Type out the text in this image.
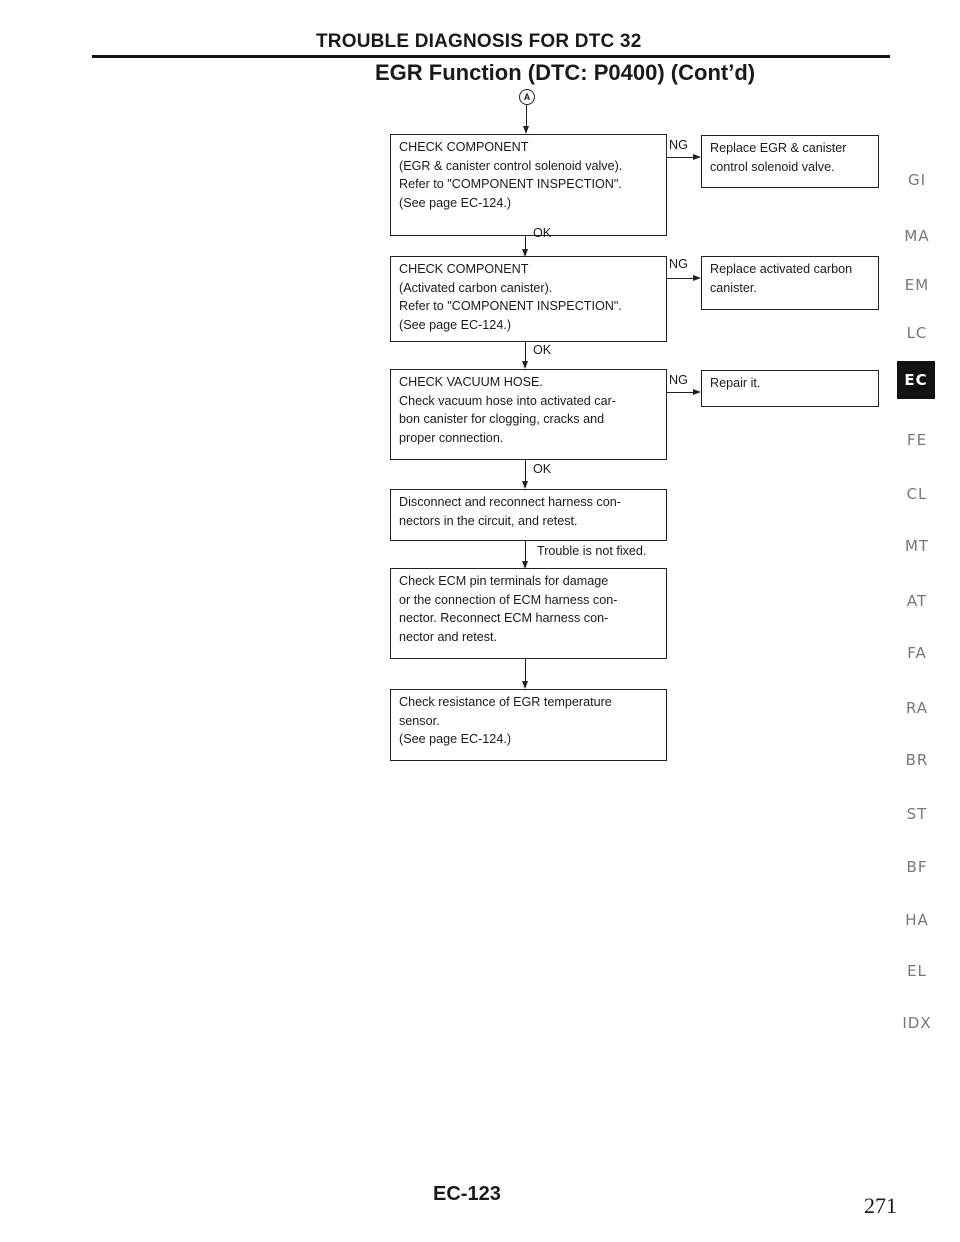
TROUBLE DIAGNOSIS FOR DTC 32
EGR Function (DTC: P0400) (Cont’d)
A
CHECK COMPONENT
(EGR & canister control solenoid valve).
Refer to "COMPONENT INSPECTION".
(See page EC-124.)
NG	Replace EGR & canister
control solenoid valve.
OK
CHECK COMPONENT
(Activated carbon canister).
Refer to "COMPONENT INSPECTION".
(See page EC-124.)
NG	Replace activated carbon
canister.
OK
CHECK VACUUM HOSE.
Check vacuum hose into activated car-
bon canister for clogging, cracks and
proper connection.
NG	Repair it.
OK
Disconnect and reconnect harness con-
nectors in the circuit, and retest.
Trouble is not fixed.
Check ECM pin terminals for damage
or the connection of ECM harness con-
nector. Reconnect ECM harness con-
nector and retest.
Check resistance of EGR temperature
sensor.
(See page EC-124.)
GI
MA
EM
LC
EC
FE
CL
MT
AT
FA
RA
BR
ST
BF
HA
EL
IDX
EC-123	271
